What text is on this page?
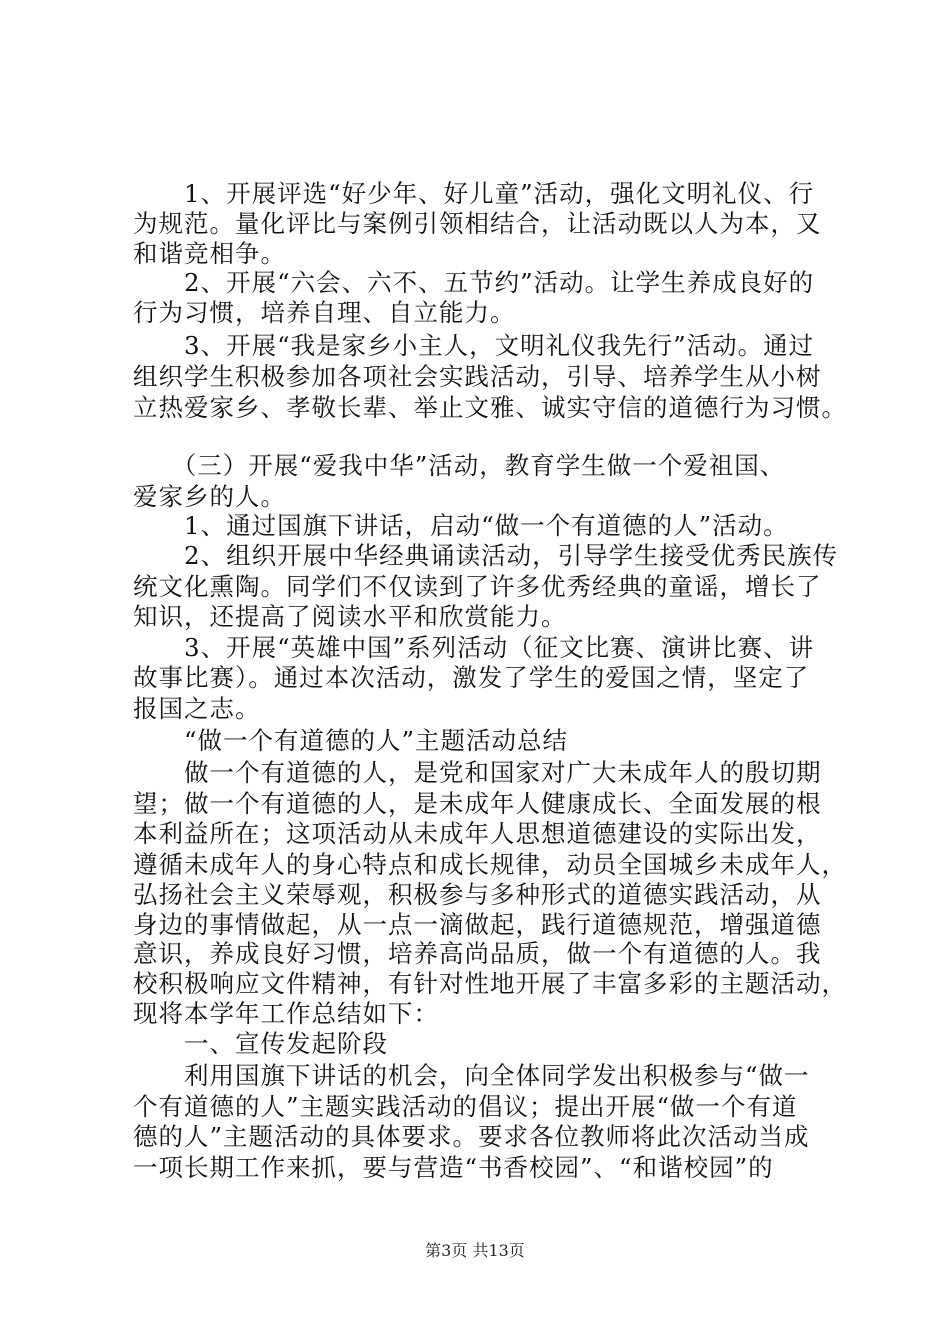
　　1、开展评选“好少年、好儿童”活动，强化文明礼仪、行
为规范。量化评比与案例引领相结合，让活动既以人为本，又
和谐竞相争。
　　2、开展“六会、六不、五节约”活动。让学生养成良好的
行为习惯，培养自理、自立能力。
　　3、开展“我是家乡小主人，文明礼仪我先行”活动。通过
组织学生积极参加各项社会实践活动，引导、培养学生从小树
立热爱家乡、孝敬长辈、举止文雅、诚实守信的道德行为习惯。
　　（三）开展“爱我中华”活动，教育学生做一个爱祖国、
爱家乡的人。
　　1、通过国旗下讲话，启动“做一个有道德的人”活动。
　　2、组织开展中华经典诵读活动，引导学生接受优秀民族传
统文化熏陶。同学们不仅读到了许多优秀经典的童谣，增长了
知识，还提高了阅读水平和欣赏能力。
　　3、开展“英雄中国”系列活动（征文比赛、演讲比赛、讲
故事比赛）。通过本次活动，激发了学生的爱国之情，坚定了
报国之志。
　　“做一个有道德的人”主题活动总结
　　做一个有道德的人，是党和国家对广大未成年人的殷切期
望；做一个有道德的人，是未成年人健康成长、全面发展的根
本利益所在；这项活动从未成年人思想道德建设的实际出发，
遵循未成年人的身心特点和成长规律，动员全国城乡未成年人，
弘扬社会主义荣辱观，积极参与多种形式的道德实践活动，从
身边的事情做起，从一点一滴做起，践行道德规范，增强道德
意识，养成良好习惯，培养高尚品质，做一个有道德的人。我
校积极响应文件精神，有针对性地开展了丰富多彩的主题活动，
现将本学年工作总结如下：
　　一、宣传发起阶段
　　利用国旗下讲话的机会，向全体同学发出积极参与“做一
个有道德的人”主题实践活动的倡议；提出开展“做一个有道
德的人”主题活动的具体要求。要求各位教师将此次活动当成
一项长期工作来抓，要与营造“书香校园”、“和谐校园”的
第3页 共13页
